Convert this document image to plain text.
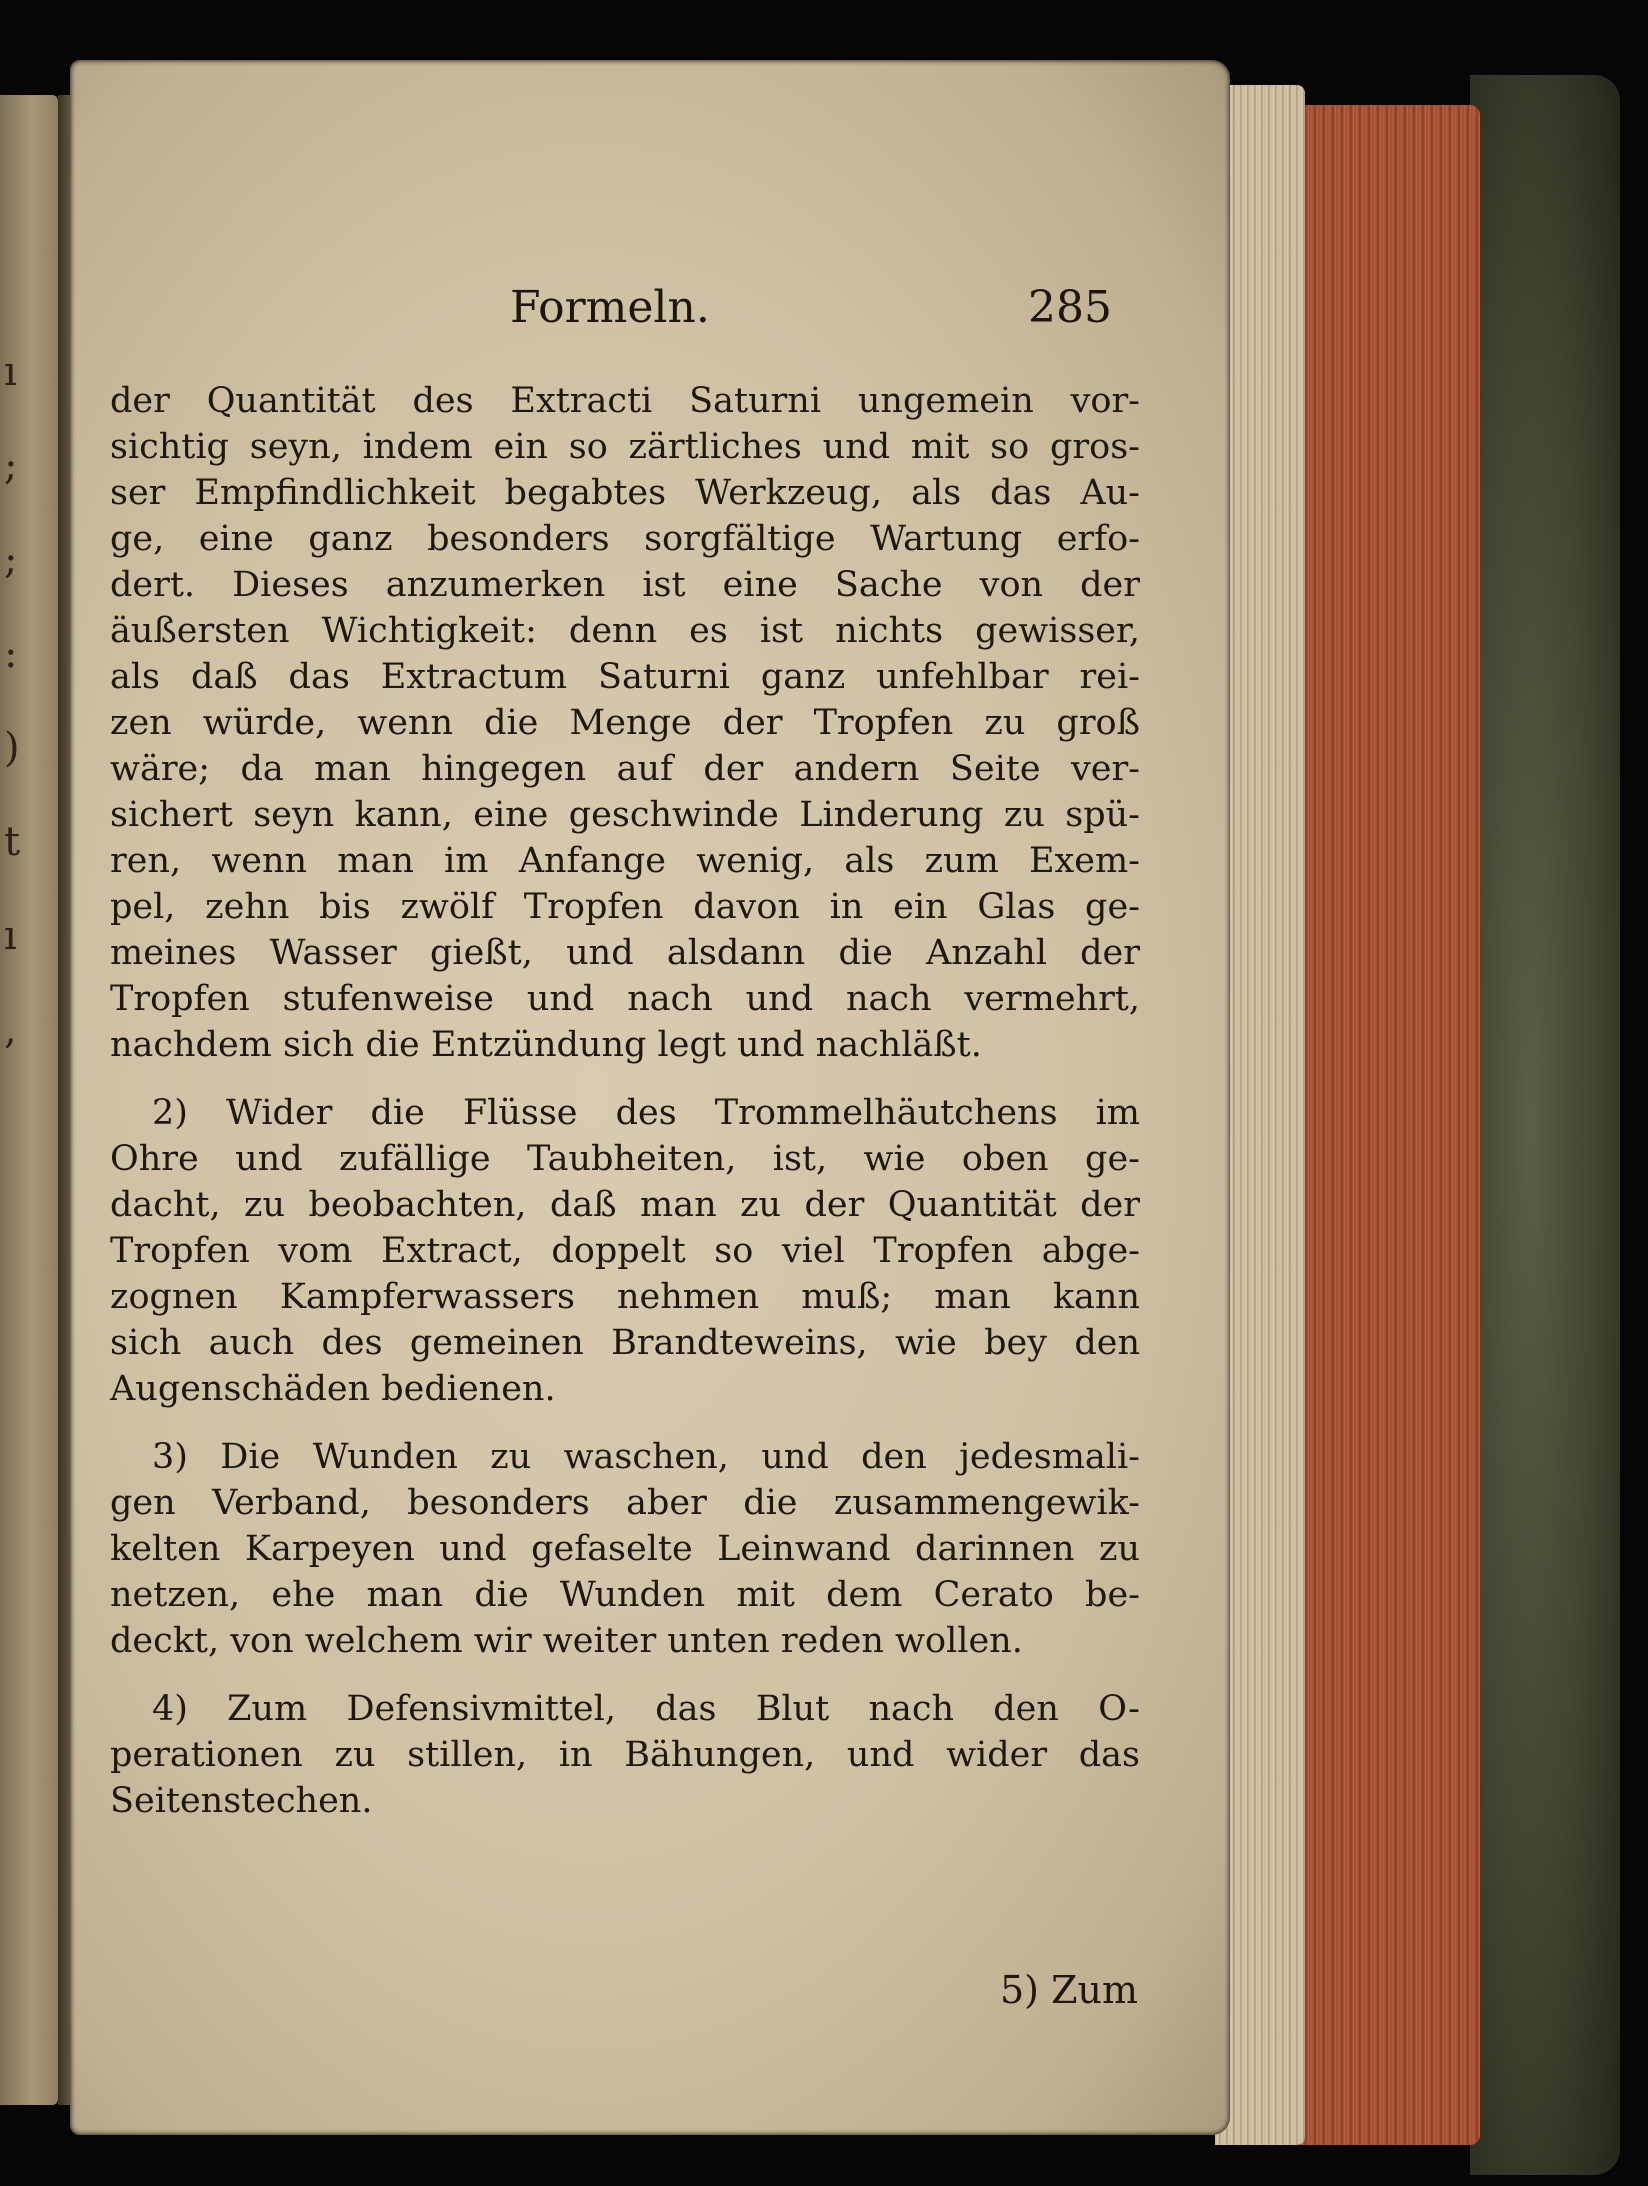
ı
;
;
:
)
t
ı
,
Formeln.	285
der Quantität des Extracti Saturni ungemein vor-
sichtig seyn, indem ein so zärtliches und mit so gros-
ser Empfindlichkeit begabtes Werkzeug, als das Au-
ge, eine ganz besonders sorgfältige Wartung erfo-
dert. Dieses anzumerken ist eine Sache von der
äußersten Wichtigkeit: denn es ist nichts gewisser,
als daß das Extractum Saturni ganz unfehlbar rei-
zen würde, wenn die Menge der Tropfen zu groß
wäre; da man hingegen auf der andern Seite ver-
sichert seyn kann, eine geschwinde Linderung zu spü-
ren, wenn man im Anfange wenig, als zum Exem-
pel, zehn bis zwölf Tropfen davon in ein Glas ge-
meines Wasser gießt, und alsdann die Anzahl der
Tropfen stufenweise und nach und nach vermehrt,
nachdem sich die Entzündung legt und nachläßt.
2) Wider die Flüsse des Trommelhäutchens im
Ohre und zufällige Taubheiten, ist, wie oben ge-
dacht, zu beobachten, daß man zu der Quantität der
Tropfen vom Extract, doppelt so viel Tropfen abge-
zognen Kampferwassers nehmen muß; man kann
sich auch des gemeinen Brandteweins, wie bey den
Augenschäden bedienen.
3) Die Wunden zu waschen, und den jedesmali-
gen Verband, besonders aber die zusammengewik-
kelten Karpeyen und gefaselte Leinwand darinnen zu
netzen, ehe man die Wunden mit dem Cerato be-
deckt, von welchem wir weiter unten reden wollen.
4) Zum Defensivmittel, das Blut nach den O-
perationen zu stillen, in Bähungen, und wider das
Seitenstechen.
5) Zum
